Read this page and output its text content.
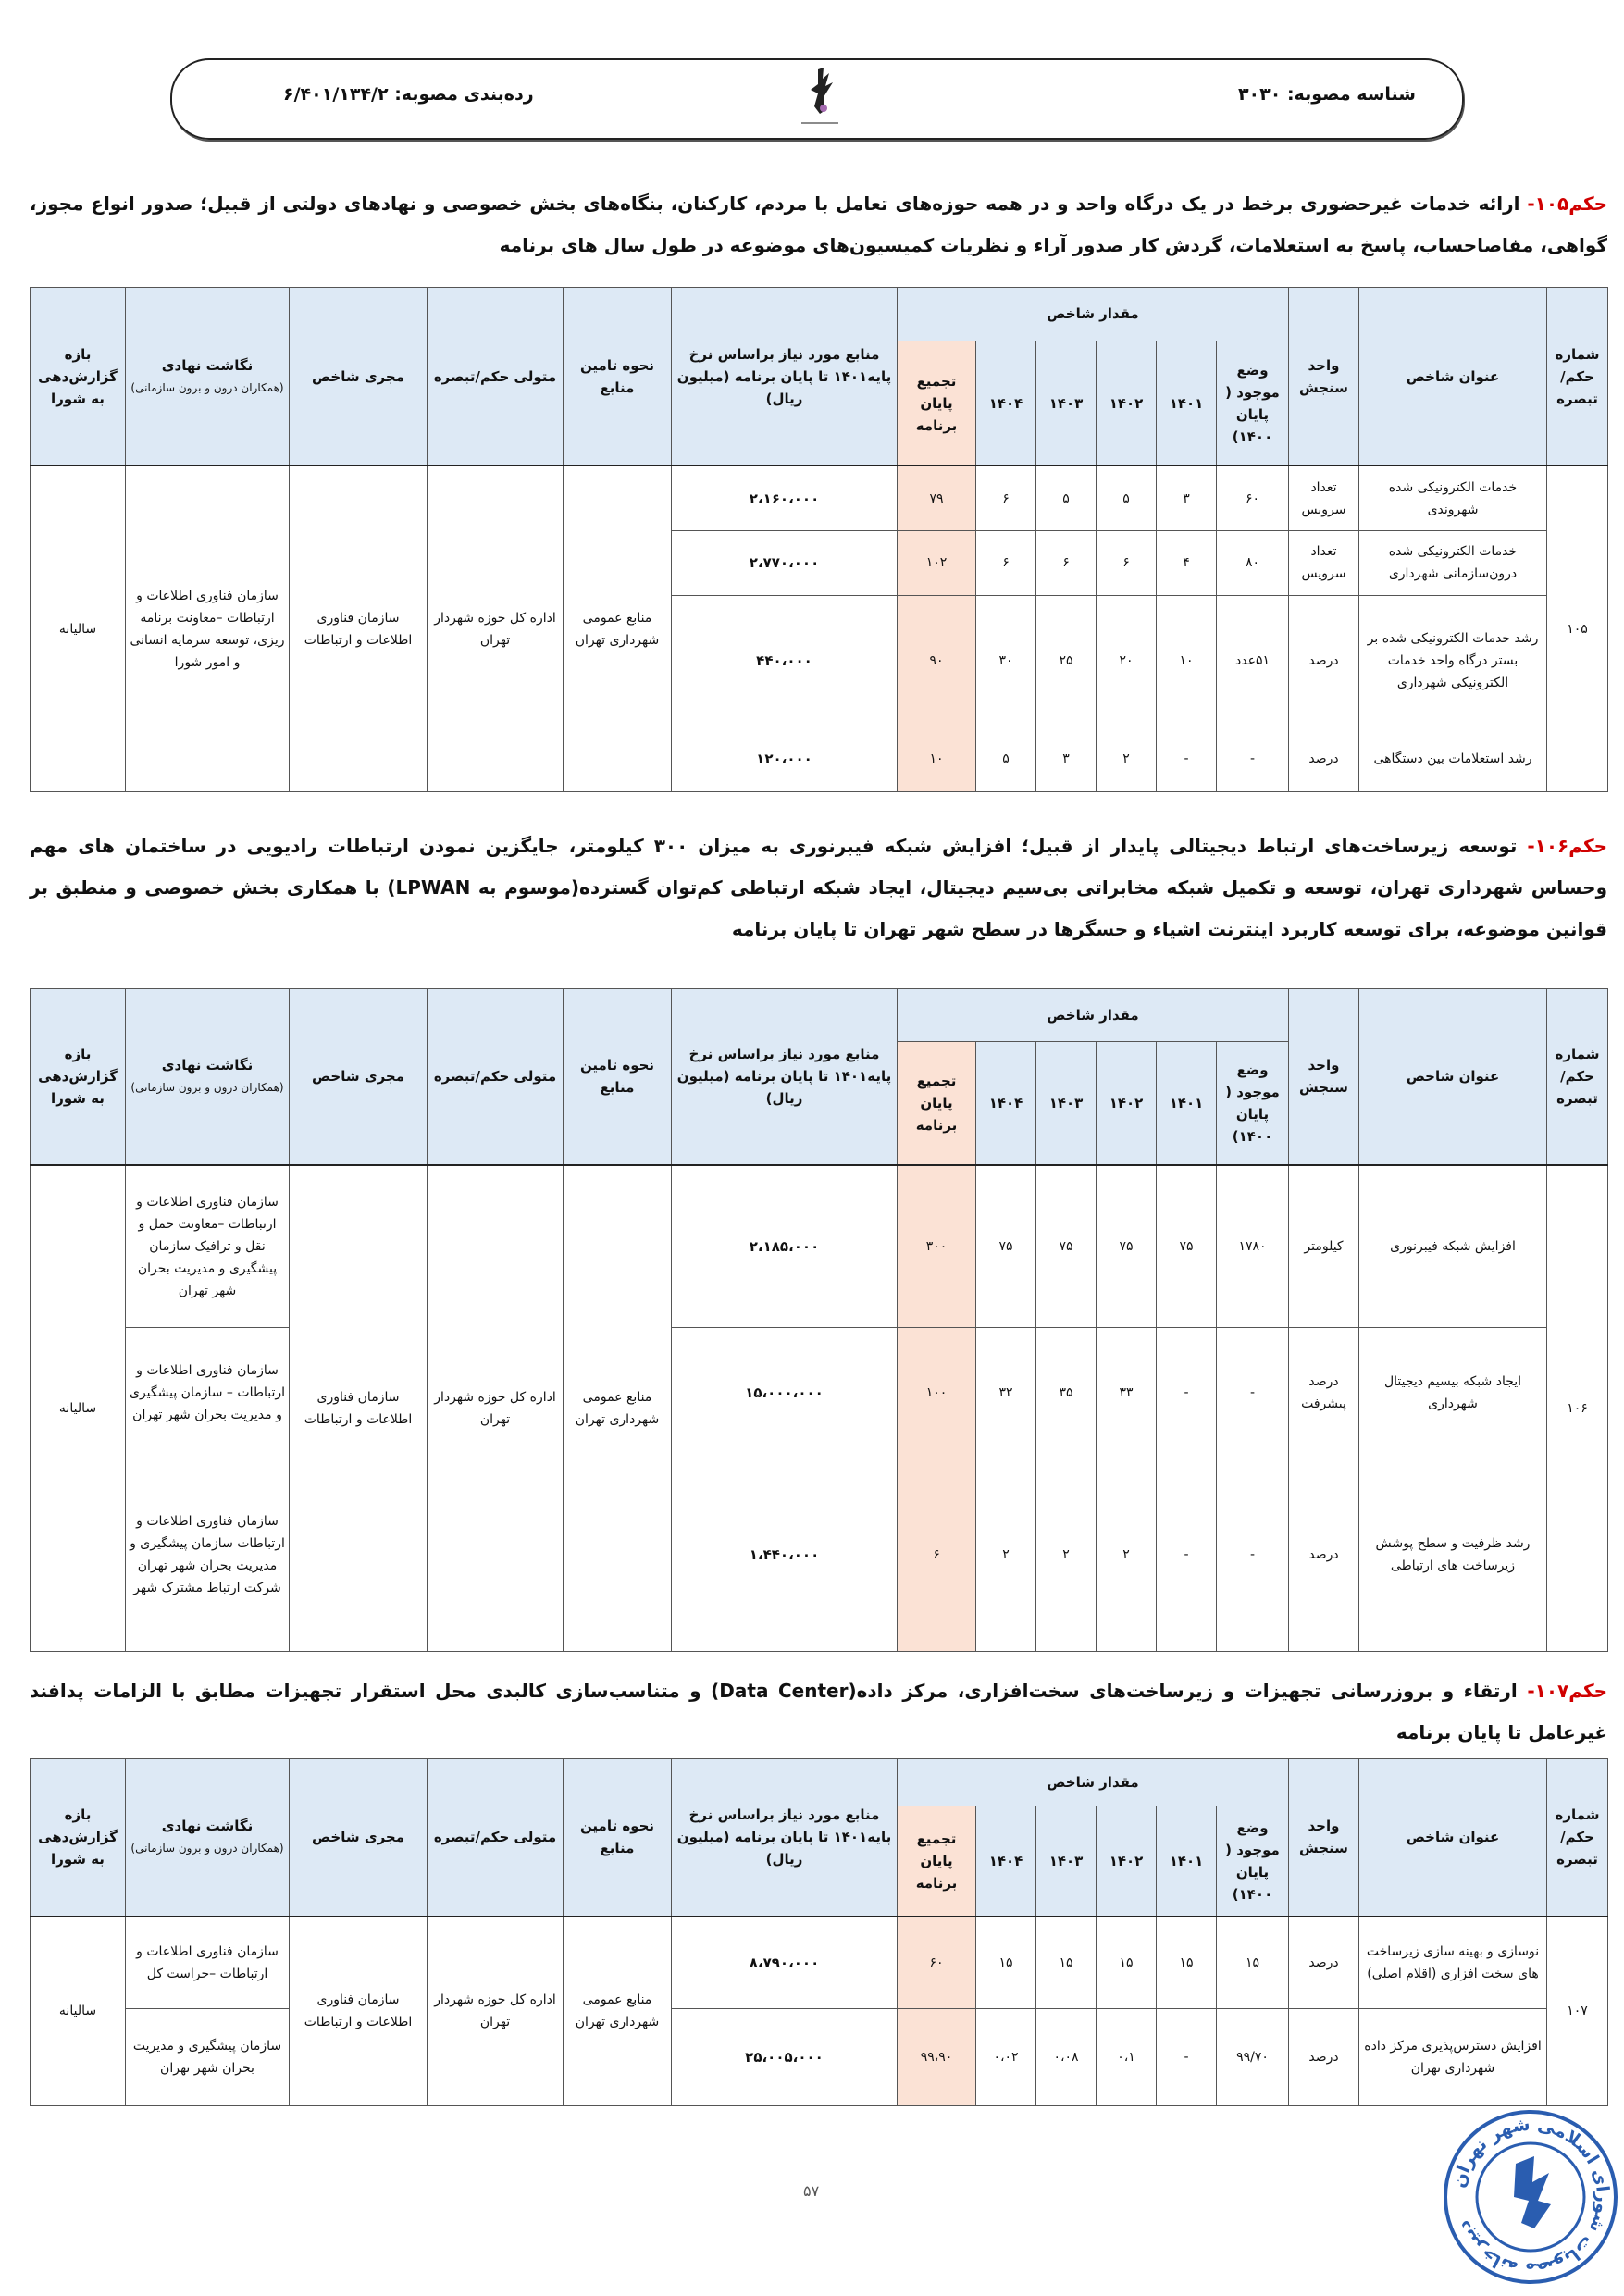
شناسه مصوبه: ۳۰۳۰
رده‌بندی مصوبه: ۶/۴۰۱/۱۳۴/۲
حکم۱۰۵- ارائه خدمات غیرحضوری برخط در یک درگاه واحد و در همه حوزه‌های تعامل با مردم، کارکنان، بنگاه‌های بخش خصوصی و نهادهای دولتی از قبیل؛ صدور انواع مجوز، گواهی، مفاصاحساب، پاسخ به استعلامات، گردش کار صدور آراء و نظریات کمیسیون‌های موضوعه در طول سال های برنامه
شماره حکم/ تبصره	عنوان شاخص	واحد سنجش	مقدار شاخص						منابع مورد نیاز براساس نرخ پایه۱۴۰۱ تا پایان برنامه (میلیون ریال)	نحوه تامین منابع	متولی حکم/تبصره	مجری شاخص	نگاشت نهادی
(همکاران درون و برون سازمانی)	بازه گزارش‌دهی به شورا
			وضع موجود ( پایان ۱۴۰۰)	۱۴۰۱	۱۴۰۲	۱۴۰۳	۱۴۰۴	تجمیع پایان برنامه						
۱۰۵	خدمات الکترونیکی شده شهروندی	تعداد سرویس	۶۰	۳	۵	۵	۶	۷۹	۲،۱۶۰،۰۰۰	منابع عمومی شهرداری تهران	اداره کل حوزه شهردار تهران	سازمان فناوری اطلاعات و ارتباطات	سازمان فناوری اطلاعات و ارتباطات –معاونت برنامه ریزی، توسعه سرمایه انسانی و امور شورا	سالیانه
	خدمات الکترونیکی شده درون‌سازمانی شهرداری	تعداد سرویس	۸۰	۴	۶	۶	۶	۱۰۲	۲،۷۷۰،۰۰۰					
	رشد خدمات الکترونیکی شده بر بستر درگاه واحد خدمات الکترونیکی شهرداری	درصد	۵۱عدد	۱۰	۲۰	۲۵	۳۰	۹۰	۴۴۰،۰۰۰					
	رشد استعلامات بین دستگاهی	درصد	-	-	۲	۳	۵	۱۰	۱۲۰،۰۰۰					
حکم۱۰۶- توسعه زیرساخت‌های ارتباط دیجیتالی پایدار از قبیل؛ افزایش شبکه فیبرنوری به میزان ۳۰۰ کیلومتر، جایگزین نمودن ارتباطات رادیویی در ساختمان های مهم وحساس شهرداری تهران، توسعه و تکمیل شبکه مخابراتی بی‌سیم دیجیتال، ایجاد شبکه ارتباطی کم‌توان گسترده(موسوم به LPWAN) با همکاری بخش خصوصی و منطبق بر قوانین موضوعه، برای توسعه کاربرد اینترنت اشیاء و حسگرها در سطح شهر تهران تا پایان برنامه
شماره حکم/ تبصره	عنوان شاخص	واحد سنجش	مقدار شاخص						منابع مورد نیاز براساس نرخ پایه۱۴۰۱ تا پایان برنامه (میلیون ریال)	نحوه تامین منابع	متولی حکم/تبصره	مجری شاخص	نگاشت نهادی
(همکاران درون و برون سازمانی)	بازه گزارش‌دهی به شورا
			وضع موجود ( پایان ۱۴۰۰)	۱۴۰۱	۱۴۰۲	۱۴۰۳	۱۴۰۴	تجمیع پایان برنامه						
۱۰۶	افزایش شبکه فیبرنوری	کیلومتر	۱۷۸۰	۷۵	۷۵	۷۵	۷۵	۳۰۰	۲،۱۸۵،۰۰۰	منابع عمومی شهرداری تهران	اداره کل حوزه شهردار تهران	سازمان فناوری اطلاعات و ارتباطات	سازمان فناوری اطلاعات و ارتباطات –معاونت حمل و نقل و ترافیک سازمان پیشگیری و مدیریت بحران شهر تهران	سالیانه
	ایجاد شبکه بیسیم دیجیتال شهرداری	درصد پیشرفت	-	-	۳۳	۳۵	۳۲	۱۰۰	۱۵،۰۰۰،۰۰۰				سازمان فناوری اطلاعات و ارتباطات – سازمان پیشگیری و مدیریت بحران شهر تهران	
	رشد ظرفیت و سطح پوشش زیرساخت های ارتباطی	درصد	-	-	۲	۲	۲	۶	۱،۴۴۰،۰۰۰				سازمان فناوری اطلاعات و ارتباطات سازمان پیشگیری و مدیریت بحران شهر تهران شرکت ارتباط مشترک شهر	
حکم۱۰۷- ارتقاء و بروزرسانی تجهیزات و زیرساخت‌های سخت‌افزاری، مرکز داده(Data Center) و متناسب‌سازی کالبدی محل استقرار تجهیزات مطابق با الزامات پدافند غیرعامل تا پایان برنامه
شماره حکم/ تبصره	عنوان شاخص	واحد سنجش	مقدار شاخص						منابع مورد نیاز براساس نرخ پایه۱۴۰۱ تا پایان برنامه (میلیون ریال)	نحوه تامین منابع	متولی حکم/تبصره	مجری شاخص	نگاشت نهادی
(همکاران درون و برون سازمانی)	بازه گزارش‌دهی به شورا
			وضع موجود ( پایان ۱۴۰۰)	۱۴۰۱	۱۴۰۲	۱۴۰۳	۱۴۰۴	تجمیع پایان برنامه						
۱۰۷	نوسازی و بهینه سازی زیرساخت های سخت افزاری (اقلام اصلی)	درصد	۱۵	۱۵	۱۵	۱۵	۱۵	۶۰	۸،۷۹۰،۰۰۰	منابع عمومی شهرداری تهران	اداره کل حوزه شهردار تهران	سازمان فناوری اطلاعات و ارتباطات	سازمان فناوری اطلاعات و ارتباطات –حراست کل	سالیانه
	افزایش دسترس‌پذیری مرکز داده شهرداری تهران	درصد	۹۹/۷۰	-	۰،۱	۰،۰۸	۰،۰۲	۹۹،۹۰	۲۵،۰۰۵،۰۰۰				سازمان پیشگیری و مدیریت بحران شهر تهران	
۵۷
دبیرخانه مصوبات شورای اسلامی شهر تهران
